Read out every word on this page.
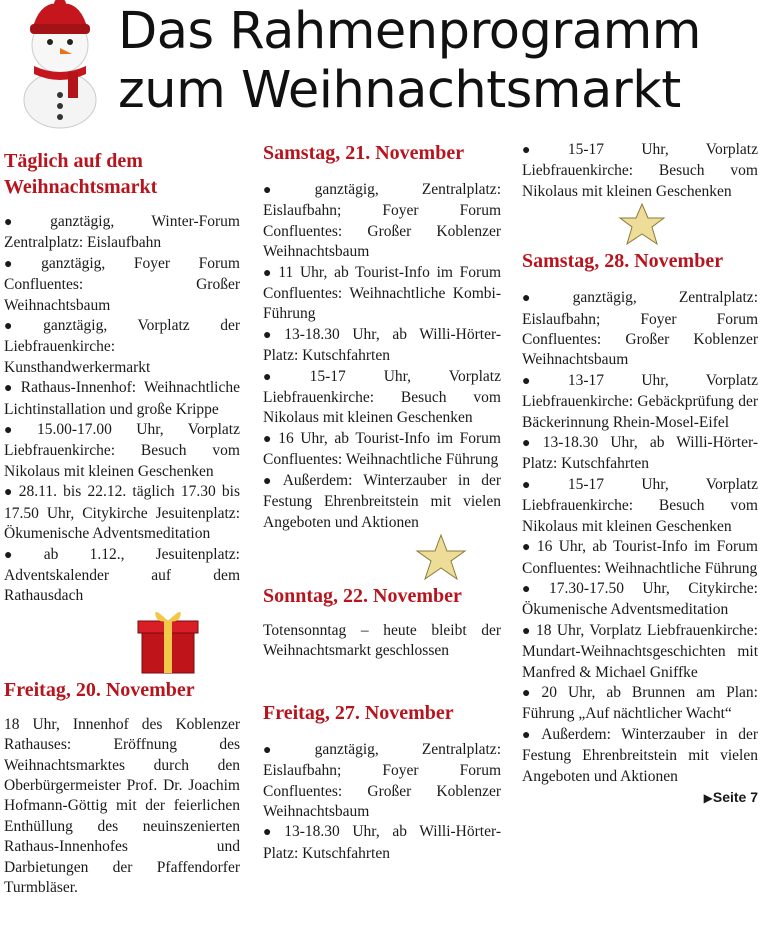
Das Rahmenprogramm
zum Weihnachtsmarkt

Täglich auf dem
Weihnachtsmarkt

● ganztägig, Winter-Forum Zentralplatz: Eislaufbahn

● ganztägig, Foyer Forum Confluentes: Großer Weihnachtsbaum

● ganztägig, Vorplatz der Liebfrauenkirche: Kunsthandwerkermarkt

● Rathaus-Innenhof: Weihnachtliche Lichtinstallation und große Krippe

● 15.00-17.00 Uhr, Vorplatz Liebfrauenkirche: Besuch vom Nikolaus mit kleinen Geschenken

● 28.11. bis 22.12. täglich 17.30 bis 17.50 Uhr, Citykirche Jesuitenplatz: Ökumenische Adventsmeditation

● ab 1.12., Jesuitenplatz: Adventskalender auf dem Rathausdach

Freitag, 20. November

18 Uhr, Innenhof des Koblenzer Rathauses: Eröffnung des Weihnachtsmarktes durch den Oberbürgermeister Prof. Dr. Joachim Hofmann-Göttig mit der feierlichen Enthüllung des neuinszenierten Rathaus-Innenhofes und Darbietungen der Pfaffendorfer Turmbläser.

Samstag, 21. November

● ganztägig, Zentralplatz: Eislaufbahn; Foyer Forum Confluentes: Großer Koblenzer Weihnachtsbaum

● 11 Uhr, ab Tourist-Info im Forum Confluentes: Weihnachtliche Kombi-Führung

● 13-18.30 Uhr, ab Willi-Hörter-Platz: Kutschfahrten

● 15-17 Uhr, Vorplatz Liebfrauenkirche: Besuch vom Nikolaus mit kleinen Geschenken

● 16 Uhr, ab Tourist-Info im Forum Confluentes: Weihnachtliche Führung

● Außerdem: Winterzauber in der Festung Ehrenbreitstein mit vielen Angeboten und Aktionen

Sonntag, 22. November

Totensonntag – heute bleibt der Weihnachtsmarkt geschlossen

Freitag, 27. November

● ganztägig, Zentralplatz: Eislaufbahn; Foyer Forum Confluentes: Großer Koblenzer Weihnachtsbaum

● 13-18.30 Uhr, ab Willi-Hörter-Platz: Kutschfahrten

● 15-17 Uhr, Vorplatz Liebfrauenkirche: Besuch vom Nikolaus mit kleinen Geschenken

Samstag, 28. November

● ganztägig, Zentralplatz: Eislaufbahn; Foyer Forum Confluentes: Großer Koblenzer Weihnachtsbaum

● 13-17 Uhr, Vorplatz Liebfrauenkirche: Gebäckprüfung der Bäckerinnung Rhein-Mosel-Eifel

● 13-18.30 Uhr, ab Willi-Hörter-Platz: Kutschfahrten

● 15-17 Uhr, Vorplatz Liebfrauenkirche: Besuch vom Nikolaus mit kleinen Geschenken

● 16 Uhr, ab Tourist-Info im Forum Confluentes: Weihnachtliche Führung

● 17.30-17.50 Uhr, Citykirche: Ökumenische Adventsmeditation

● 18 Uhr, Vorplatz Liebfrauenkirche: Mundart-Weihnachtsgeschichten mit Manfred & Michael Gniffke

● 20 Uhr, ab Brunnen am Plan: Führung „Auf nächtlicher Wacht“

● Außerdem: Winterzauber in der Festung Ehrenbreitstein mit vielen Angeboten und Aktionen

▶Seite 7
